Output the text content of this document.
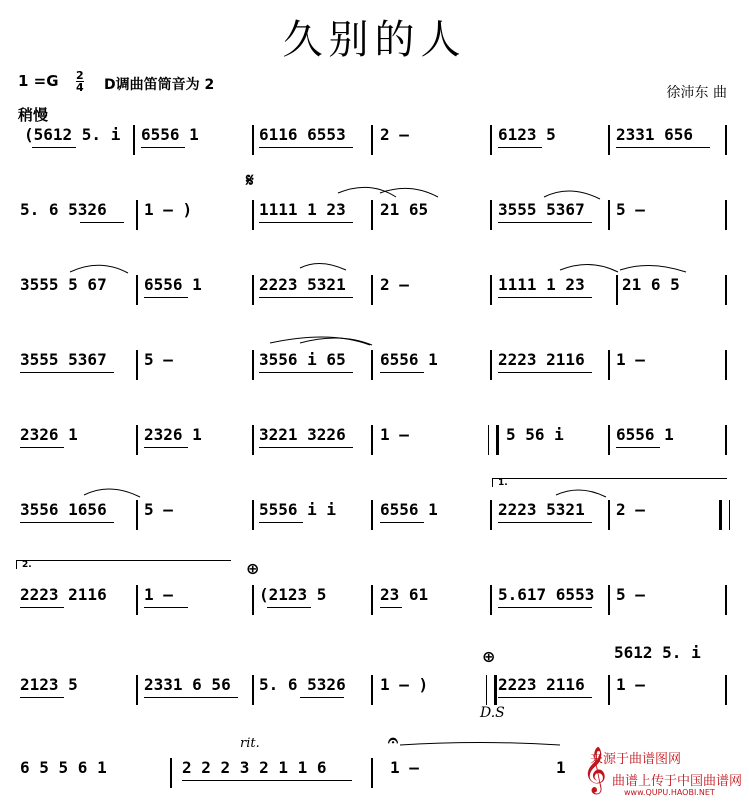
久别的人
1 =G 2
4 D调曲笛筒音为 2	徐沛东 曲
稍慢
(5612 5. i 6556 1	6116 6553 2 –	6123 5	2331 656
𝄋
5. 6 5326 1 – )	1111 1 23 21 65	3555 5367 5 –
3555 5 67 6556 1	2223 5321 2 –	1111 1 23 21 6 5
3555 5367 5 –	3556 i 65 6556 1	2223 2116 1 –
2326 1	2326 1	3221 3226 1 –	5 56 i	6556 1
1.
3556 1656 5 –	5556 i i	6556 1	2223 5321 2 –
2.	⊕
2223 2116 1 –	(2123 5	23 61	5.617 6553 5 –
⊕	5612 5. i
2123 5	2331 6 56 5. 6 5326 1 – )	2223 2116 1 –
D.S
rit.	𝄐
6 5 5 6 1	2 2 2 3 2 1 1 6	1 –	1 𝄞
来源于曲谱图网
曲谱上传于中国曲谱网
www.QUPU.HAOBI.NET
